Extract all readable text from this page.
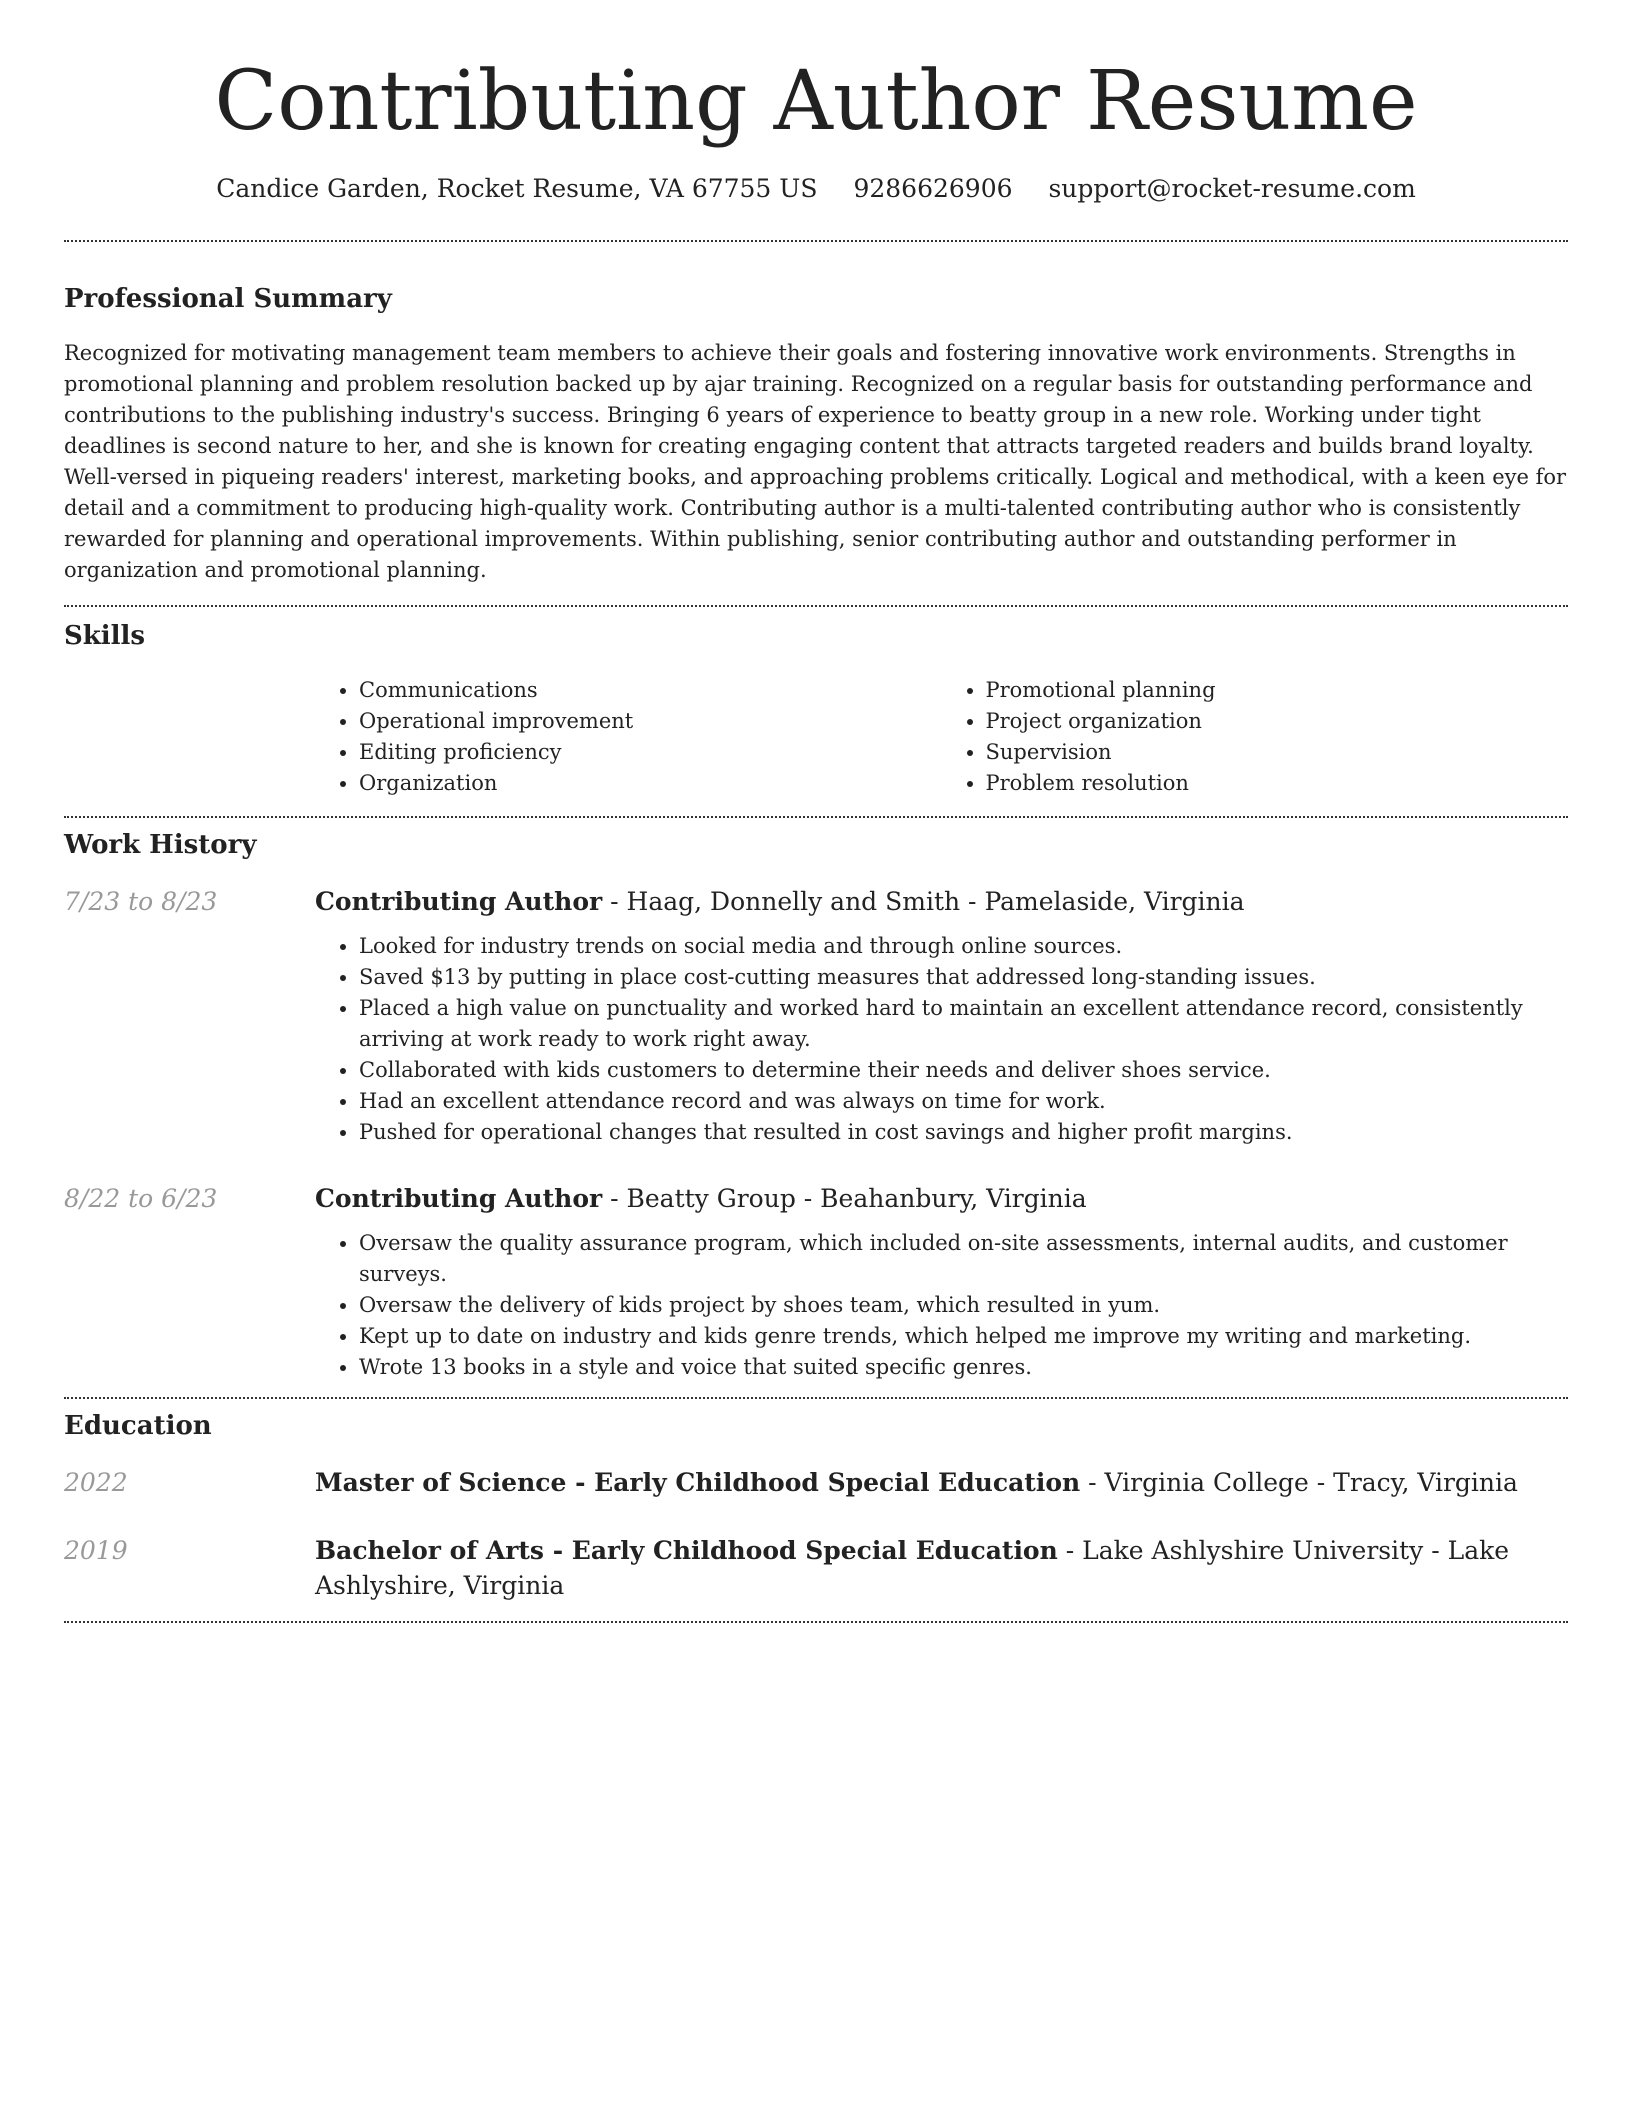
Contributing Author Resume
Candice Garden, Rocket Resume, VA 67755 US 9286626906 support@rocket-resume.com
Professional Summary

Recognized for motivating management team members to achieve their goals and fostering innovative work environments. Strengths in promotional planning and problem resolution backed up by ajar training. Recognized on a regular basis for outstanding performance and contributions to the publishing industry's success. Bringing 6 years of experience to beatty group in a new role. Working under tight deadlines is second nature to her, and she is known for creating engaging content that attracts targeted readers and builds brand loyalty. Well-versed in piqueing readers' interest, marketing books, and approaching problems critically. Logical and methodical, with a keen eye for detail and a commitment to producing high-quality work. Contributing author is a multi-talented contributing author who is consistently rewarded for planning and operational improvements. Within publishing, senior contributing author and outstanding performer in organization and promotional planning.

Skills
• Communications
• Operational improvement
• Editing proficiency
• Organization
• Promotional planning
• Project organization
• Supervision
• Problem resolution
Work History
7/23 to 8/23	Contributing Author - Haag, Donnelly and Smith - Pamelaside, Virginia

• Looked for industry trends on social media and through online sources.
• Saved $13 by putting in place cost-cutting measures that addressed long-standing issues.
• Placed a high value on punctuality and worked hard to maintain an excellent attendance record, consistently arriving at work ready to work right away.
• Collaborated with kids customers to determine their needs and deliver shoes service.
• Had an excellent attendance record and was always on time for work.
• Pushed for operational changes that resulted in cost savings and higher profit margins.
8/22 to 6/23	Contributing Author - Beatty Group - Beahanbury, Virginia

• Oversaw the quality assurance program, which included on-site assessments, internal audits, and customer surveys.
• Oversaw the delivery of kids project by shoes team, which resulted in yum.
• Kept up to date on industry and kids genre trends, which helped me improve my writing and marketing.
• Wrote 13 books in a style and voice that suited specific genres.
Education
2022	Master of Science - Early Childhood Special Education - Virginia College - Tracy, Virginia

2019	Bachelor of Arts - Early Childhood Special Education - Lake Ashlyshire University - Lake Ashlyshire, Virginia
